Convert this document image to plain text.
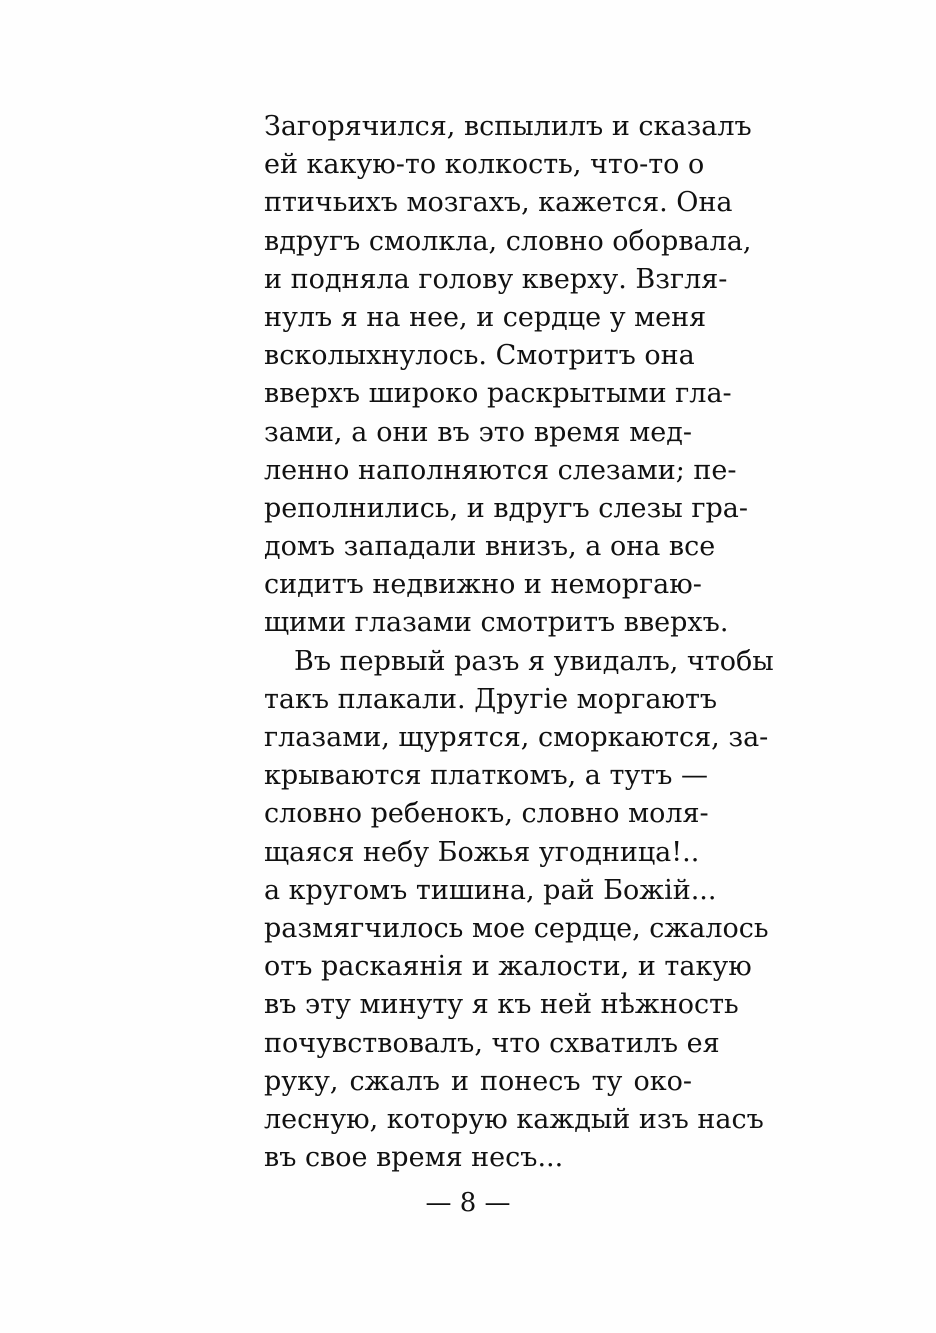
Загорячился, вспылилъ и сказалъ
ей какую-то колкость, что-то о
птичьихъ мозгахъ, кажется. Она
вдругъ смолкла, словно оборвала,
и подняла голову кверху. Взгля-
нулъ я на нее, и сердце у меня
всколыхнулось. Смотритъ она
вверхъ широко раскрытыми гла-
зами, а они въ это время мед-
ленно наполняются слезами; пе-
реполнились, и вдругъ слезы гра-
домъ западали внизъ, а она все
сидитъ недвижно и неморгаю-
щими глазами смотритъ вверхъ.
Въ первый разъ я увидалъ, чтобы
такъ плакали. Другіе моргаютъ
глазами, щурятся, сморкаются, за-
крываются платкомъ, а тутъ —
словно ребенокъ, словно моля-
щаяся небу Божья угодница!..
а кругомъ тишина, рай Божій...
размягчилось мое сердце, сжалось
отъ раскаянія и жалости, и такую
въ эту минуту я къ ней нѣжность
почувствовалъ, что схватилъ ея
руку, сжалъ и понесъ ту око-
лесную, которую каждый изъ насъ
въ свое время несъ...
— 8 —
